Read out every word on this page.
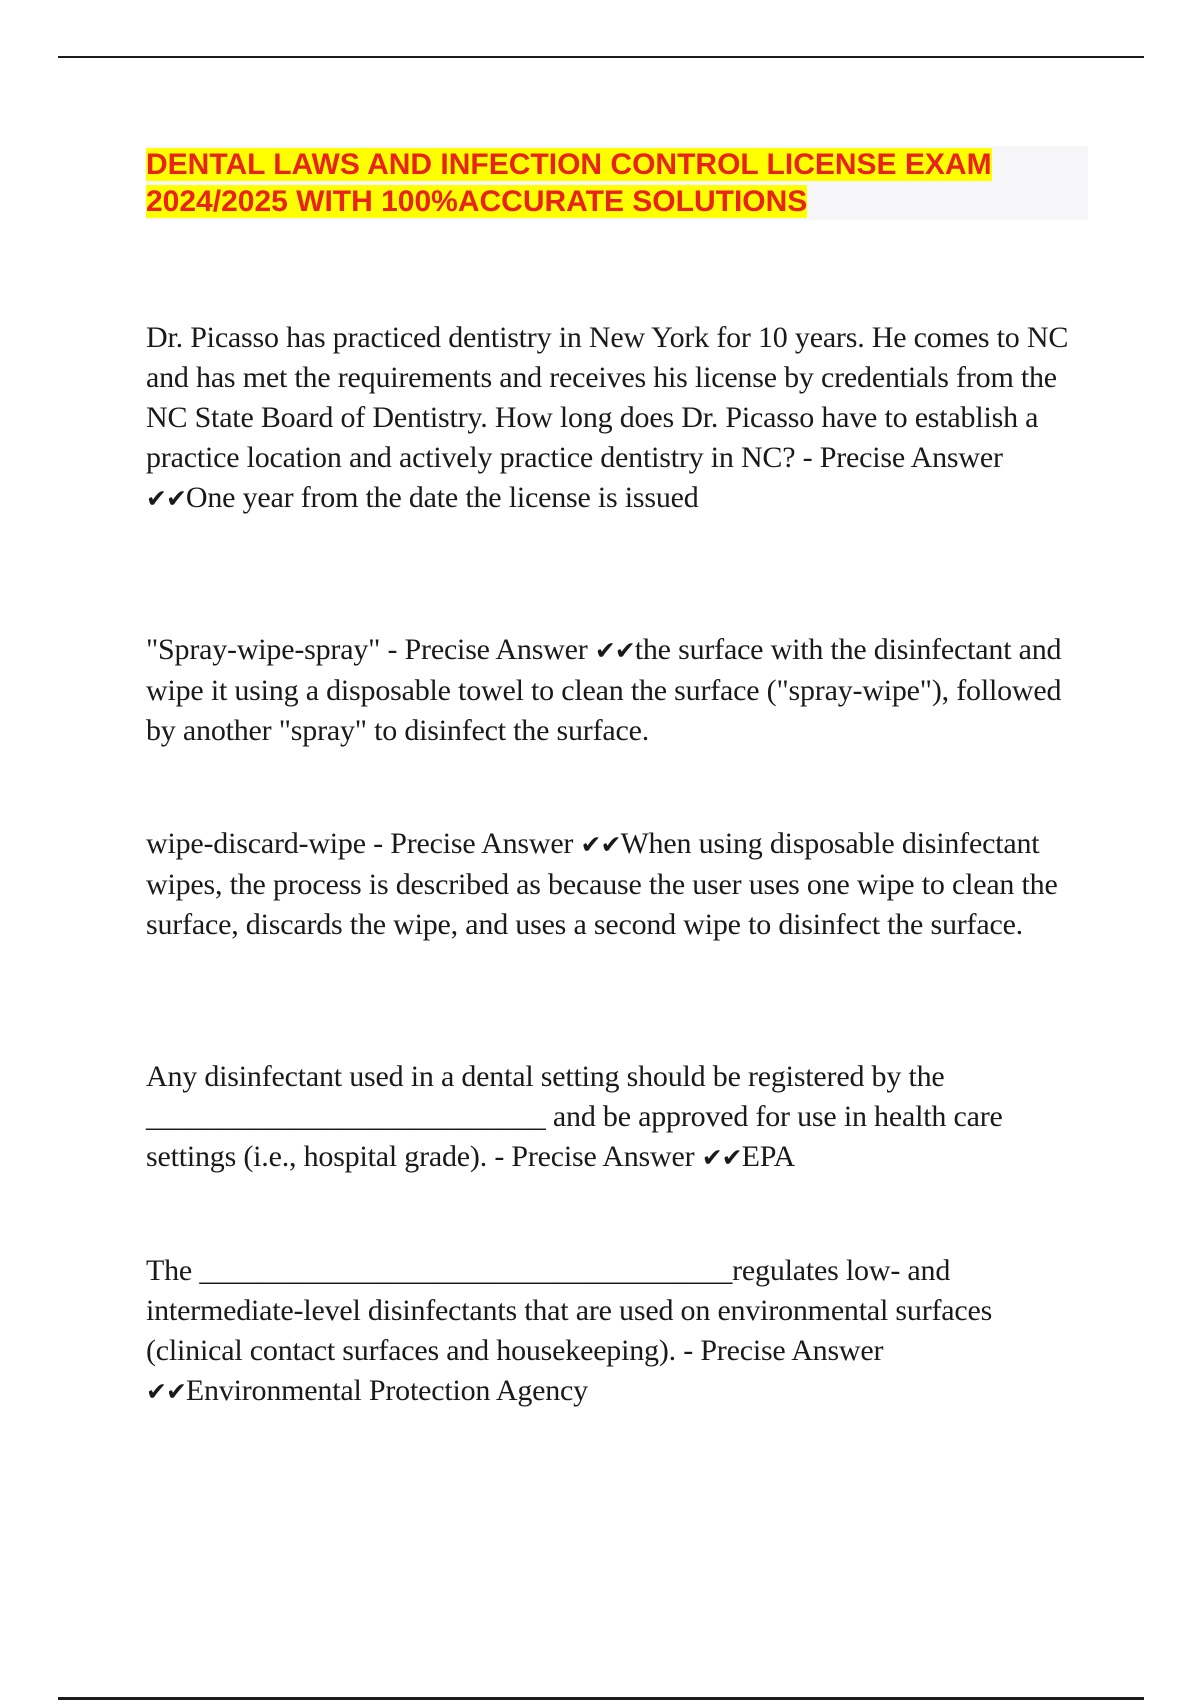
DENTAL LAWS AND INFECTION CONTROL LICENSE EXAM
2024/2025 WITH 100%ACCURATE SOLUTIONS

Dr. Picasso has practiced dentistry in New York for 10 years. He comes to NC and has met the requirements and receives his license by credentials from the NC State Board of Dentistry. How long does Dr. Picasso have to establish a practice location and actively practice dentistry in NC? - Precise Answer ✔✔One year from the date the license is issued

"Spray-wipe-spray" - Precise Answer ✔✔the surface with the disinfectant and wipe it using a disposable towel to clean the surface ("spray-wipe"), followed by another "spray" to disinfect the surface.

wipe-discard-wipe - Precise Answer ✔✔When using disposable disinfectant wipes, the process is described as because the user uses one wipe to clean the surface, discards the wipe, and uses a second wipe to disinfect the surface.

Any disinfectant used in a dental setting should be registered by the ___________________________ and be approved for use in health care settings (i.e., hospital grade). - Precise Answer ✔✔EPA

The ____________________________________regulates low- and intermediate-level disinfectants that are used on environmental surfaces (clinical contact surfaces and housekeeping). - Precise Answer ✔✔Environmental Protection Agency
